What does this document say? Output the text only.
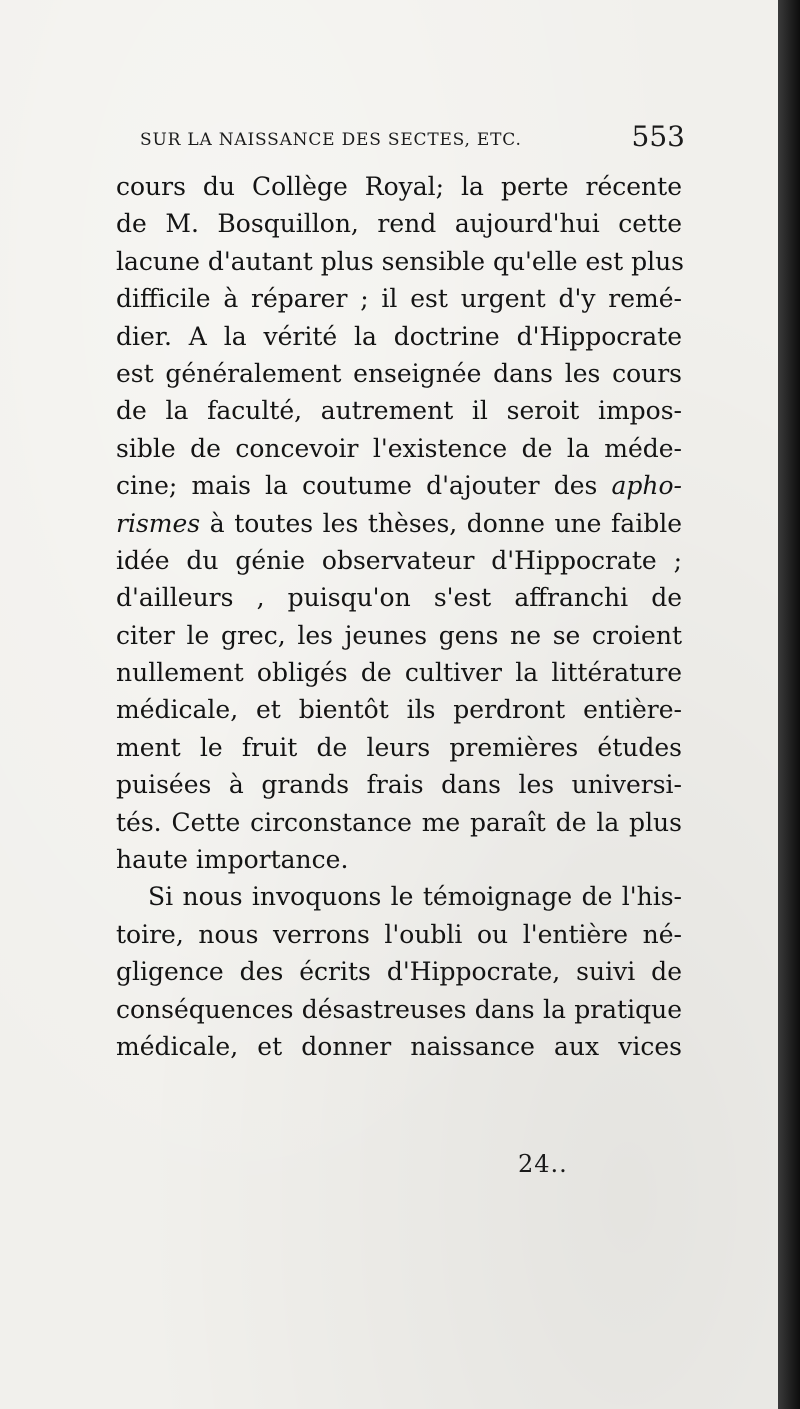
SUR LA NAISSANCE DES SECTES, ETC.	553
cours du Collège Royal; la perte récente
de M. Bosquillon, rend aujourd'hui cette
lacune d'autant plus sensible qu'elle est plus
difficile à réparer ; il est urgent d'y remé-
dier. A la vérité la doctrine d'Hippocrate
est généralement enseignée dans les cours
de la faculté, autrement il seroit impos-
sible de concevoir l'existence de la méde-
cine; mais la coutume d'ajouter des apho-
rismes à toutes les thèses, donne une faible
idée du génie observateur d'Hippocrate ;
d'ailleurs , puisqu'on s'est affranchi de
citer le grec, les jeunes gens ne se croient
nullement obligés de cultiver la littérature
médicale, et bientôt ils perdront entière-
ment le fruit de leurs premières études
puisées à grands frais dans les universi-
tés. Cette circonstance me paraît de la plus
haute importance.
Si nous invoquons le témoignage de l'his-
toire, nous verrons l'oubli ou l'entière né-
gligence des écrits d'Hippocrate, suivi de
conséquences désastreuses dans la pratique
médicale, et donner naissance aux vices
24..
